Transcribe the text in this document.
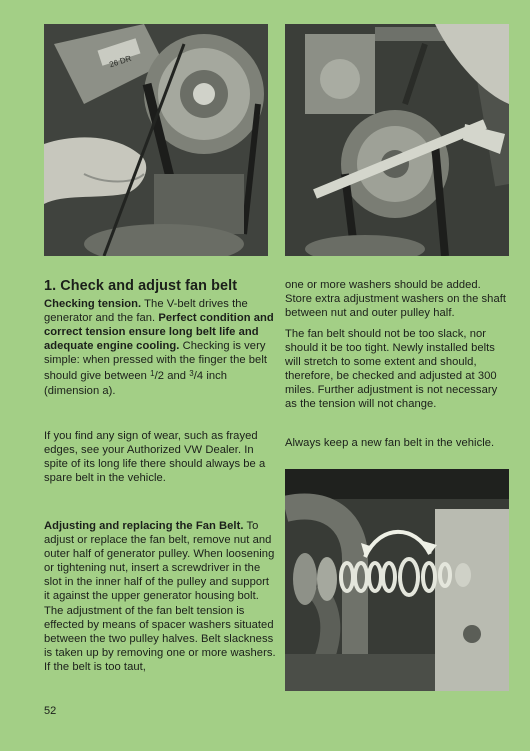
26 DR
1. Check and adjust fan belt

Checking tension. The V-belt drives the generator and the fan. Perfect condition and correct tension ensure long belt life and adequate engine cooling. Checking is very simple: when pressed with the finger the belt should give between $^1$/2 and $^3$/4 inch (dimension a).

If you find any sign of wear, such as frayed edges, see your Authorized VW Dealer. In spite of its long life there should always be a spare belt in the vehicle.

Adjusting and replacing the Fan Belt. To adjust or replace the fan belt, remove nut and outer half of generator pulley. When loosening or tightening nut, insert a screwdriver in the slot in the inner half of the pulley and support it against the upper generator housing bolt. The adjustment of the fan belt tension is effected by means of spacer washers situated between the two pulley halves. Belt slackness is taken up by removing one or more washers. If the belt is too taut,

one or more washers should be added. Store extra adjustment washers on the shaft between nut and outer pulley half.

The fan belt should not be too slack, nor should it be too tight. Newly installed belts will stretch to some extent and should, therefore, be checked and adjusted at 300 miles. Further adjustment is not necessary as the tension will not change.

Always keep a new fan belt in the vehicle.

52
